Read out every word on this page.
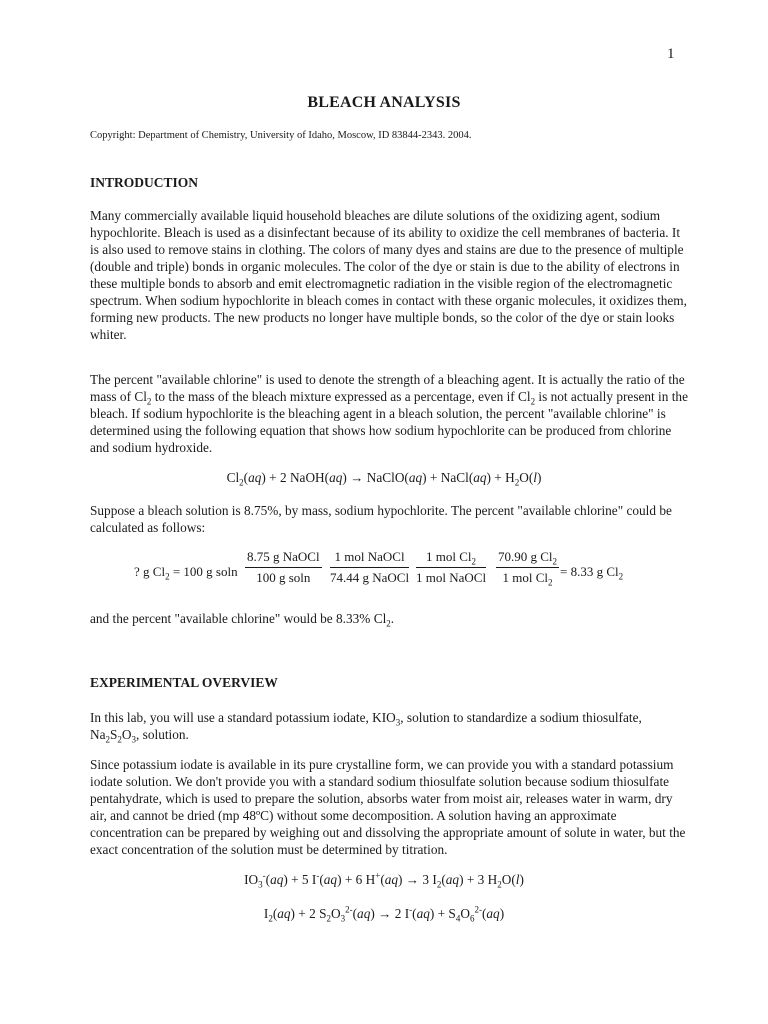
1
BLEACH ANALYSIS
Copyright: Department of Chemistry, University of Idaho, Moscow, ID 83844-2343. 2004.
INTRODUCTION

Many commercially available liquid household bleaches are dilute solutions of the oxidizing agent, sodium hypochlorite. Bleach is used as a disinfectant because of its ability to oxidize the cell membranes of bacteria. It is also used to remove stains in clothing. The colors of many dyes and stains are due to the presence of multiple (double and triple) bonds in organic molecules. The color of the dye or stain is due to the ability of electrons in these multiple bonds to absorb and emit electromagnetic radiation in the visible region of the electromagnetic spectrum. When sodium hypochlorite in bleach comes in contact with these organic molecules, it oxidizes them, forming new products. The new products no longer have multiple bonds, so the color of the dye or stain looks whiter.

The percent "available chlorine" is used to denote the strength of a bleaching agent. It is actually the ratio of the mass of $Cl_2$ to the mass of the bleach mixture expressed as a percentage, even if $Cl_2$ is not actually present in the bleach. If sodium hypochlorite is the bleaching agent in a bleach solution, the percent "available chlorine" is determined using the following equation that shows how sodium hypochlorite can be produced from chlorine and sodium hydroxide.

$Cl_2(aq) + 2$ NaOH(aq) → NaClO(aq) + NaCl(aq) + $H_2O(l)$

Suppose a bleach solution is 8.75%, by mass, sodium hypochlorite. The percent "available chlorine" could be calculated as follows:

? g $Cl_2 = 100$ g soln
8.75 g NaOCl
100 g soln
1 mol NaOCl
74.44 g NaOCl
1 mol $Cl_2$
1 mol NaOCl
70.90 g $Cl_2$
1 mol $Cl_2$
= 8.33 g $Cl_2$

and the percent "available chlorine" would be 8.33% $Cl_2$.

EXPERIMENTAL OVERVIEW

In this lab, you will use a standard potassium iodate, $KIO_3$, solution to standardize a sodium thiosulfate, $Na_2S_2O_3$, solution.

Since potassium iodate is available in its pure crystalline form, we can provide you with a standard potassium iodate solution. We don't provide you with a standard sodium thiosulfate solution because sodium thiosulfate pentahydrate, which is used to prepare the solution, absorbs water from moist air, releases water in warm, dry air, and cannot be dried (mp 48ºC) without some decomposition. A solution having an approximate concentration can be prepared by weighing out and dissolving the appropriate amount of solute in water, but the exact concentration of the solution must be determined by titration.

$IO_3^-(aq) + 5$ I-(aq) + 6 H+(aq) → 3 $I_2(aq) + 3$ $H_2O(l)$
$I_2(aq) + 2$ $S_2O_3^{2-}(aq) \to 2$ $I^-(aq) + S_4O_6^{2-}(aq)$
